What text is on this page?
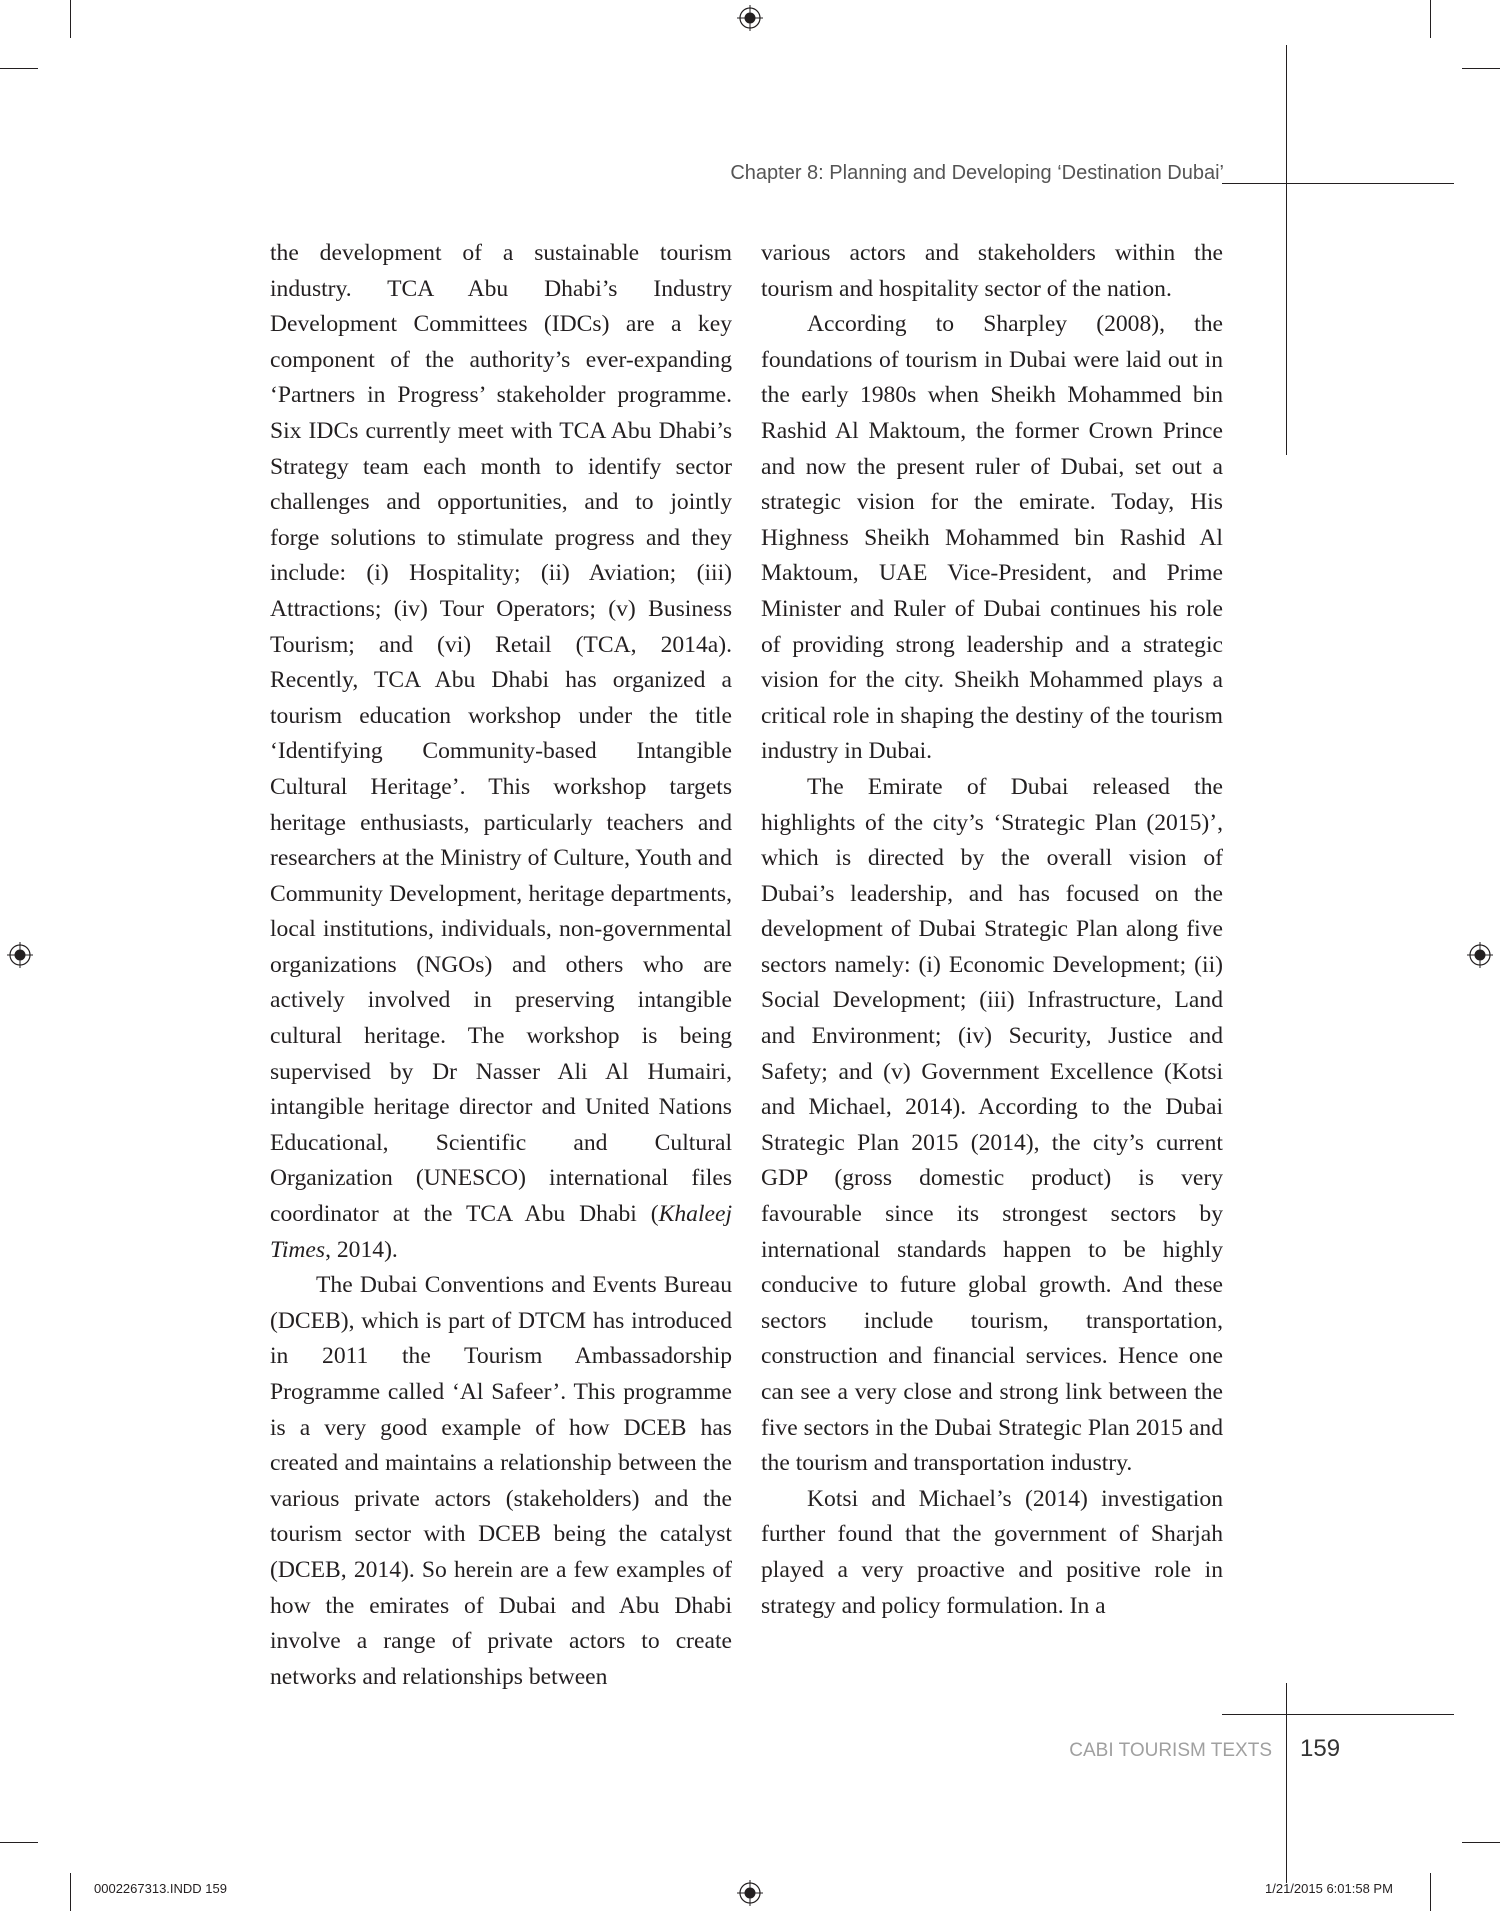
Chapter 8: Planning and Developing ‘Destination Dubai’

the development of a sustainable tourism industry. TCA Abu Dhabi’s Industry Development Committees (IDCs) are a key component of the authority’s ever-expanding ‘Partners in Progress’ stakeholder programme. Six IDCs currently meet with TCA Abu Dhabi’s Strategy team each month to identify sector challenges and opportunities, and to jointly forge solutions to stimulate progress and they include: (i) Hospitality; (ii) Aviation; (iii) Attractions; (iv) Tour Operators; (v) Business Tourism; and (vi) Retail (TCA, 2014a). Recently, TCA Abu Dhabi has organized a tourism education workshop under the title ‘Identifying Community-based Intangible Cultural Heritage’. This workshop targets heritage enthusiasts, particularly teachers and researchers at the Ministry of Culture, Youth and Community Development, heritage departments, local institutions, individuals, non-governmental organizations (NGOs) and others who are actively involved in preserving intangible cultural heritage. The workshop is being supervised by Dr Nasser Ali Al Humairi, intangible heritage director and United Nations Educational, Scientific and Cultural Organization (UNESCO) international files coordinator at the TCA Abu Dhabi (Khaleej Times, 2014).

The Dubai Conventions and Events Bureau (DCEB), which is part of DTCM has introduced in 2011 the Tourism Ambassadorship Programme called ‘Al Safeer’. This programme is a very good example of how DCEB has created and maintains a relationship between the various private actors (stakeholders) and the tourism sector with DCEB being the catalyst (DCEB, 2014). So herein are a few examples of how the emirates of Dubai and Abu Dhabi involve a range of private actors to create networks and relationships between

various actors and stakeholders within the tourism and hospitality sector of the nation.

According to Sharpley (2008), the foundations of tourism in Dubai were laid out in the early 1980s when Sheikh Mohammed bin Rashid Al Maktoum, the former Crown Prince and now the present ruler of Dubai, set out a strategic vision for the emirate. Today, His Highness Sheikh Mohammed bin Rashid Al Maktoum, UAE Vice-President, and Prime Minister and Ruler of Dubai continues his role of providing strong leadership and a strategic vision for the city. Sheikh Mohammed plays a critical role in shaping the destiny of the tourism industry in Dubai.

The Emirate of Dubai released the highlights of the city’s ‘Strategic Plan (2015)’, which is directed by the overall vision of Dubai’s leadership, and has focused on the development of Dubai Strategic Plan along five sectors namely: (i) Economic Development; (ii) Social Development; (iii) Infrastructure, Land and Environment; (iv) Security, Justice and Safety; and (v) Government Excellence (Kotsi and Michael, 2014). According to the Dubai Strategic Plan 2015 (2014), the city’s current GDP (gross domestic product) is very favourable since its strongest sectors by international standards happen to be highly conducive to future global growth. And these sectors include tourism, transportation, construction and financial services. Hence one can see a very close and strong link between the five sectors in the Dubai Strategic Plan 2015 and the tourism and transportation industry.

Kotsi and Michael’s (2014) investigation further found that the government of Sharjah played a very proactive and positive role in strategy and policy formulation. In a

CABI TOURISM TEXTS 159
0002267313.INDD 159	1/21/2015 6:01:58 PM
